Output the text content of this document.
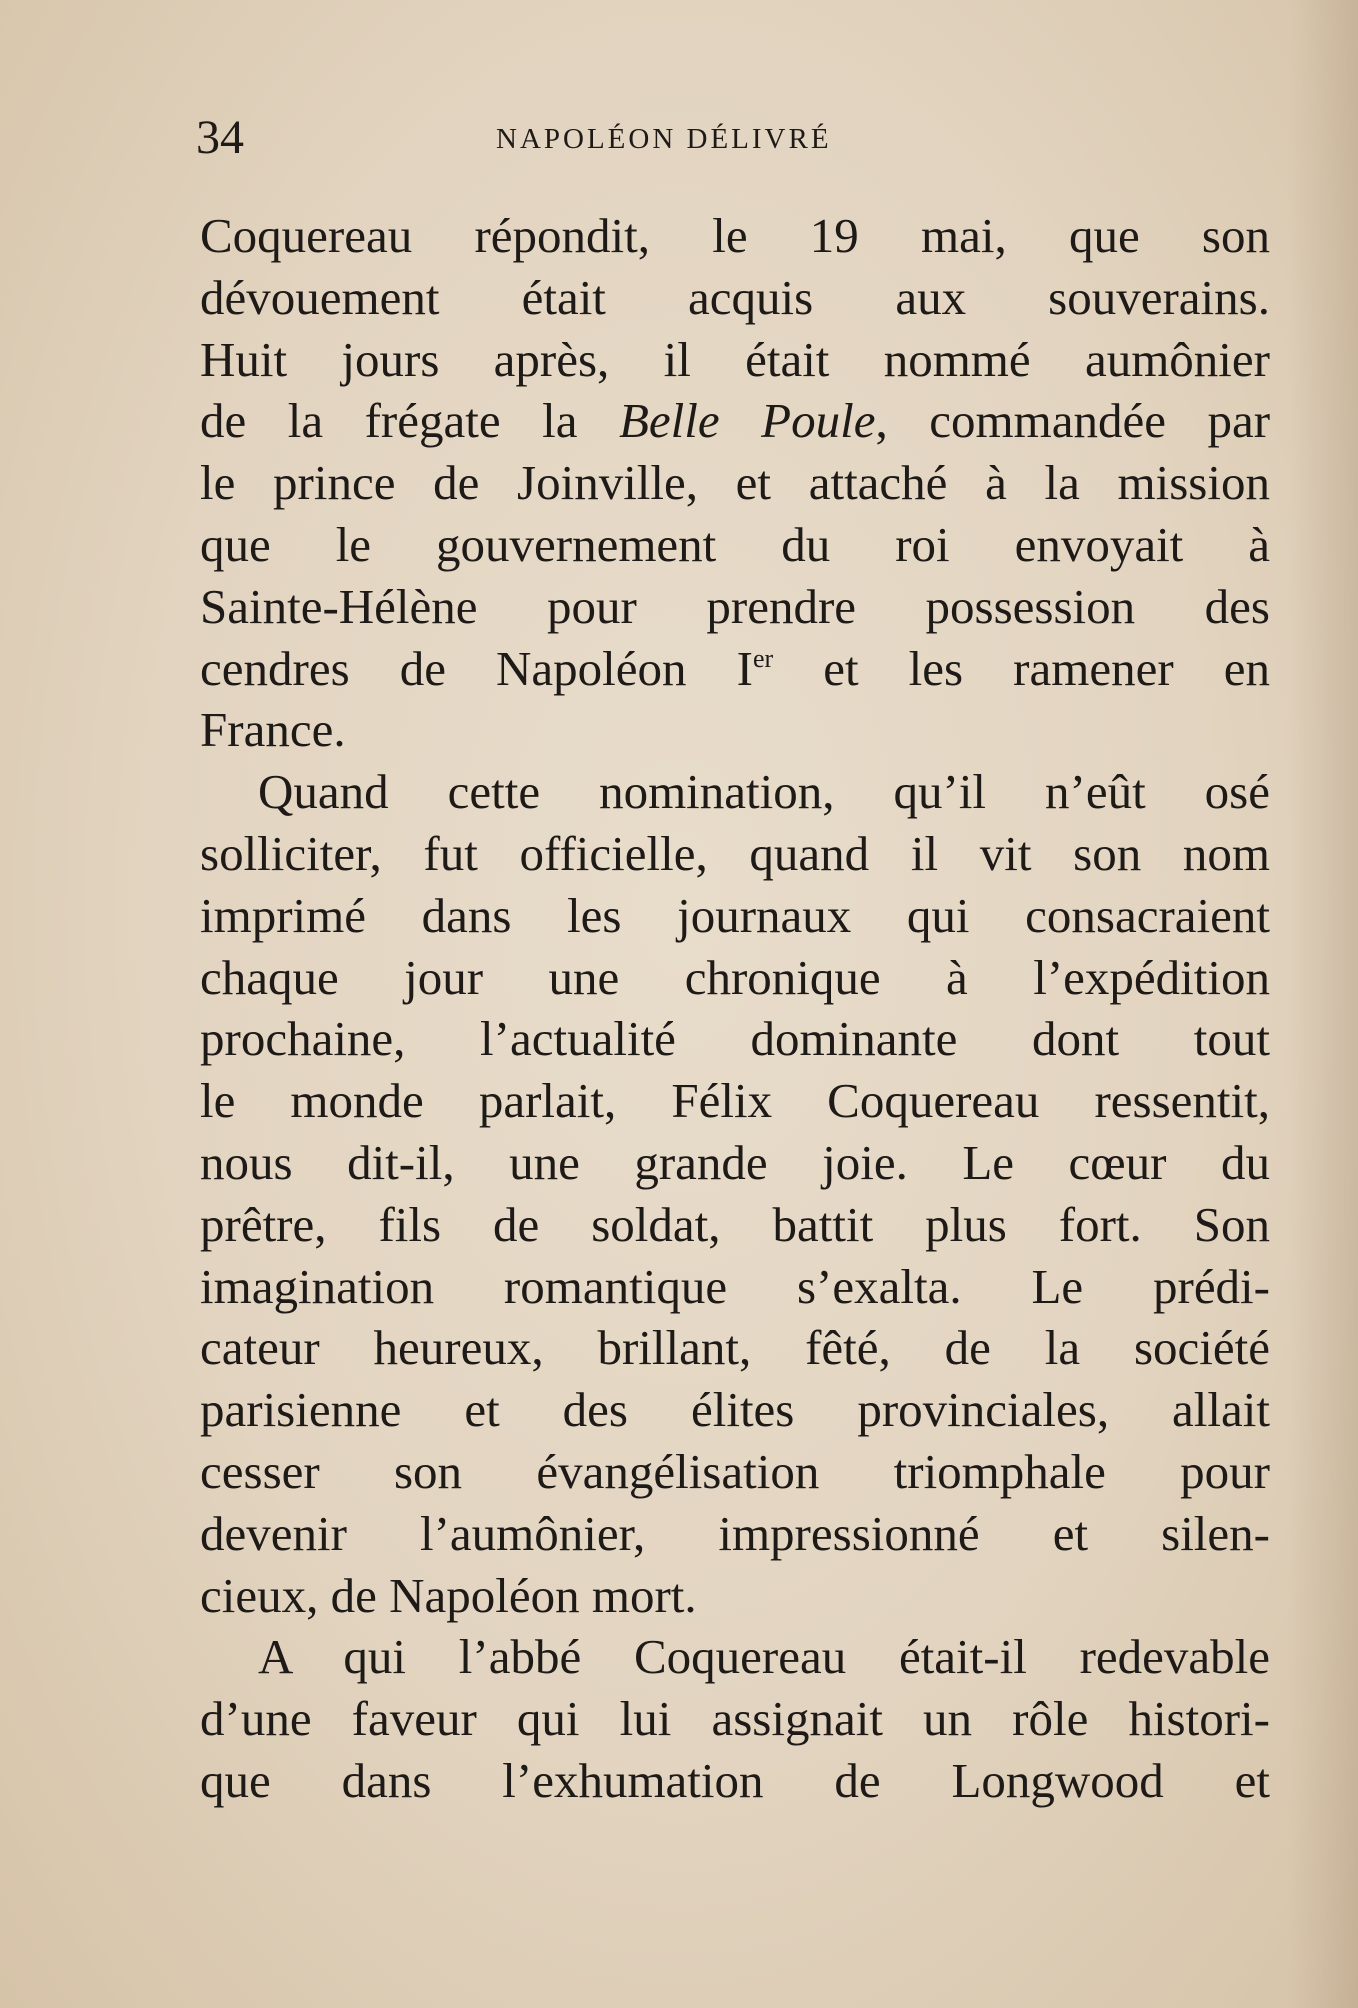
34	NAPOLÉON DÉLIVRÉ
Coquereau répondit, le 19 mai, que son
dévouement était acquis aux souverains.
Huit jours après, il était nommé aumônier
de la frégate la Belle Poule, commandée par
le prince de Joinville, et attaché à la mission
que le gouvernement du roi envoyait à
Sainte-Hélène pour prendre possession des
cendres de Napoléon Ier et les ramener en
France.
Quand cette nomination, qu’il n’eût osé
solliciter, fut officielle, quand il vit son nom
imprimé dans les journaux qui consacraient
chaque jour une chronique à l’expédition
prochaine, l’actualité dominante dont tout
le monde parlait, Félix Coquereau ressentit,
nous dit-il, une grande joie. Le cœur du
prêtre, fils de soldat, battit plus fort. Son
imagination romantique s’exalta. Le prédi-
cateur heureux, brillant, fêté, de la société
parisienne et des élites provinciales, allait
cesser son évangélisation triomphale pour
devenir l’aumônier, impressionné et silen-
cieux, de Napoléon mort.
A qui l’abbé Coquereau était-il redevable
d’une faveur qui lui assignait un rôle histori-
que dans l’exhumation de Longwood et
